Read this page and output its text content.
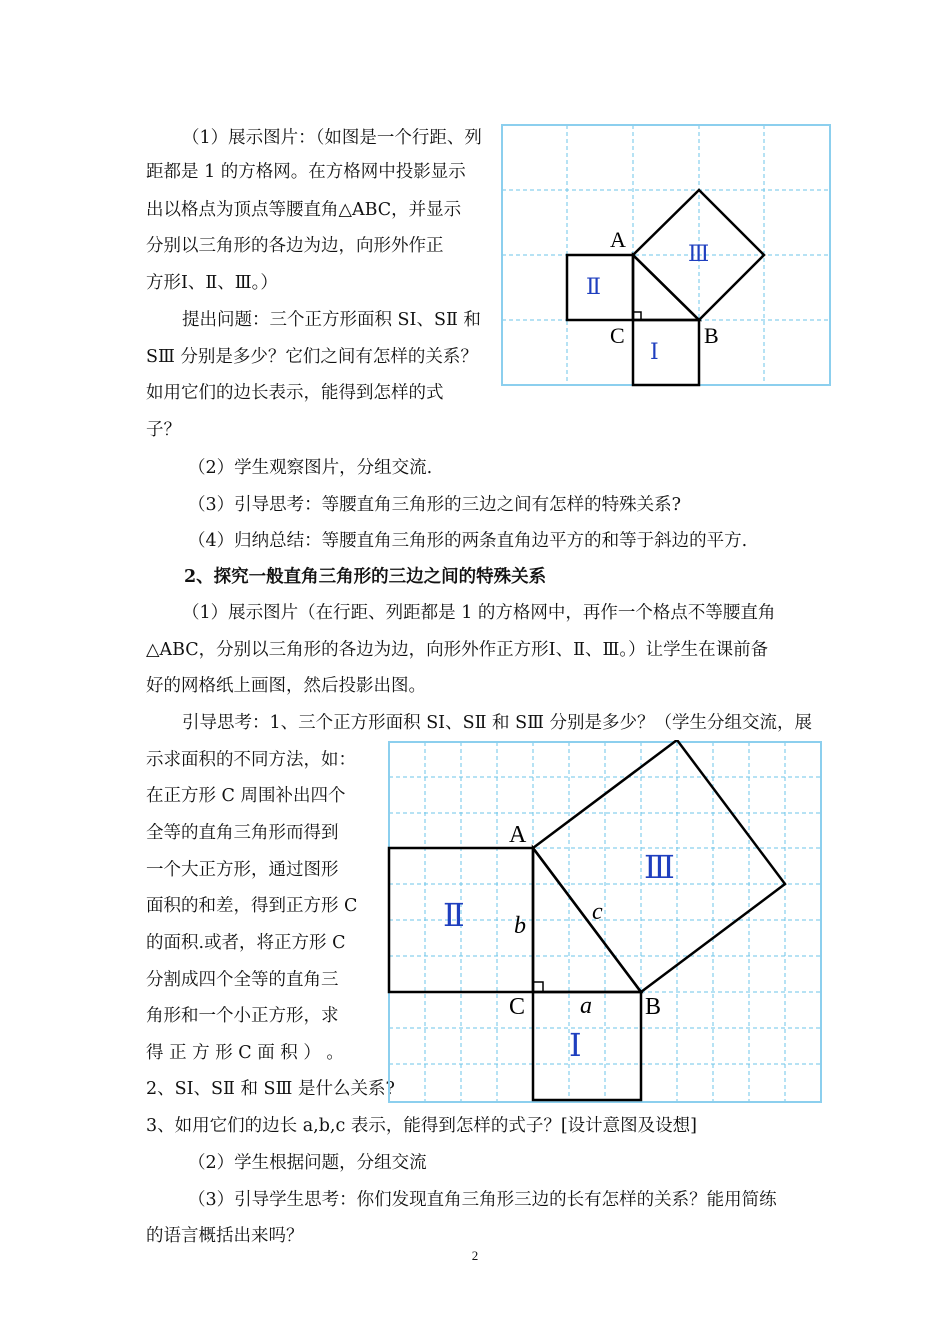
（1）展示图片：（如图是一个行距、列
距都是 1 的方格网。在方格网中投影显示
出以格点为顶点等腰直角△ABC，并显示
分别以三角形的各边为边，向形外作正
方形Ⅰ、Ⅱ、Ⅲ。）
提出问题：三个正方形面积 SⅠ、SⅡ 和
SⅢ 分别是多少？它们之间有怎样的关系？
如用它们的边长表示，能得到怎样的式
子？
（2）学生观察图片，分组交流.
（3）引导思考：等腰直角三角形的三边之间有怎样的特殊关系?
（4）归纳总结：等腰直角三角形的两条直角边平方的和等于斜边的平方.
A
C	B
Ⅲ
Ⅱ
Ⅰ
2、探究一般直角三角形的三边之间的特殊关系
（1）展示图片（在行距、列距都是 1 的方格网中，再作一个格点不等腰直角
△ABC，分别以三角形的各边为边，向形外作正方形Ⅰ、Ⅱ、Ⅲ。）让学生在课前备
好的网格纸上画图，然后投影出图。
引导思考：1、三个正方形面积 SⅠ、SⅡ 和 SⅢ 分别是多少？（学生分组交流，展
示求面积的不同方法，如：
在正方形 C 周围补出四个
全等的直角三角形而得到
一个大正方形，通过图形
面积的和差，得到正方形 C
的面积.或者，将正方形 C
分割成四个全等的直角三
角形和一个小正方形，求
得 正 方 形 C 面 积 ） 。
2、SⅠ、SⅡ 和 SⅢ 是什么关系?
3、如用它们的边长 a,b,c 表示，能得到怎样的式子？[设计意图及设想]
（2）学生根据问题，分组交流
（3）引导学生思考：你们发现直角三角形三边的长有怎样的关系？能用简练
的语言概括出来吗？
A
C	B
b
c
a
Ⅲ
Ⅱ
Ⅰ
2
